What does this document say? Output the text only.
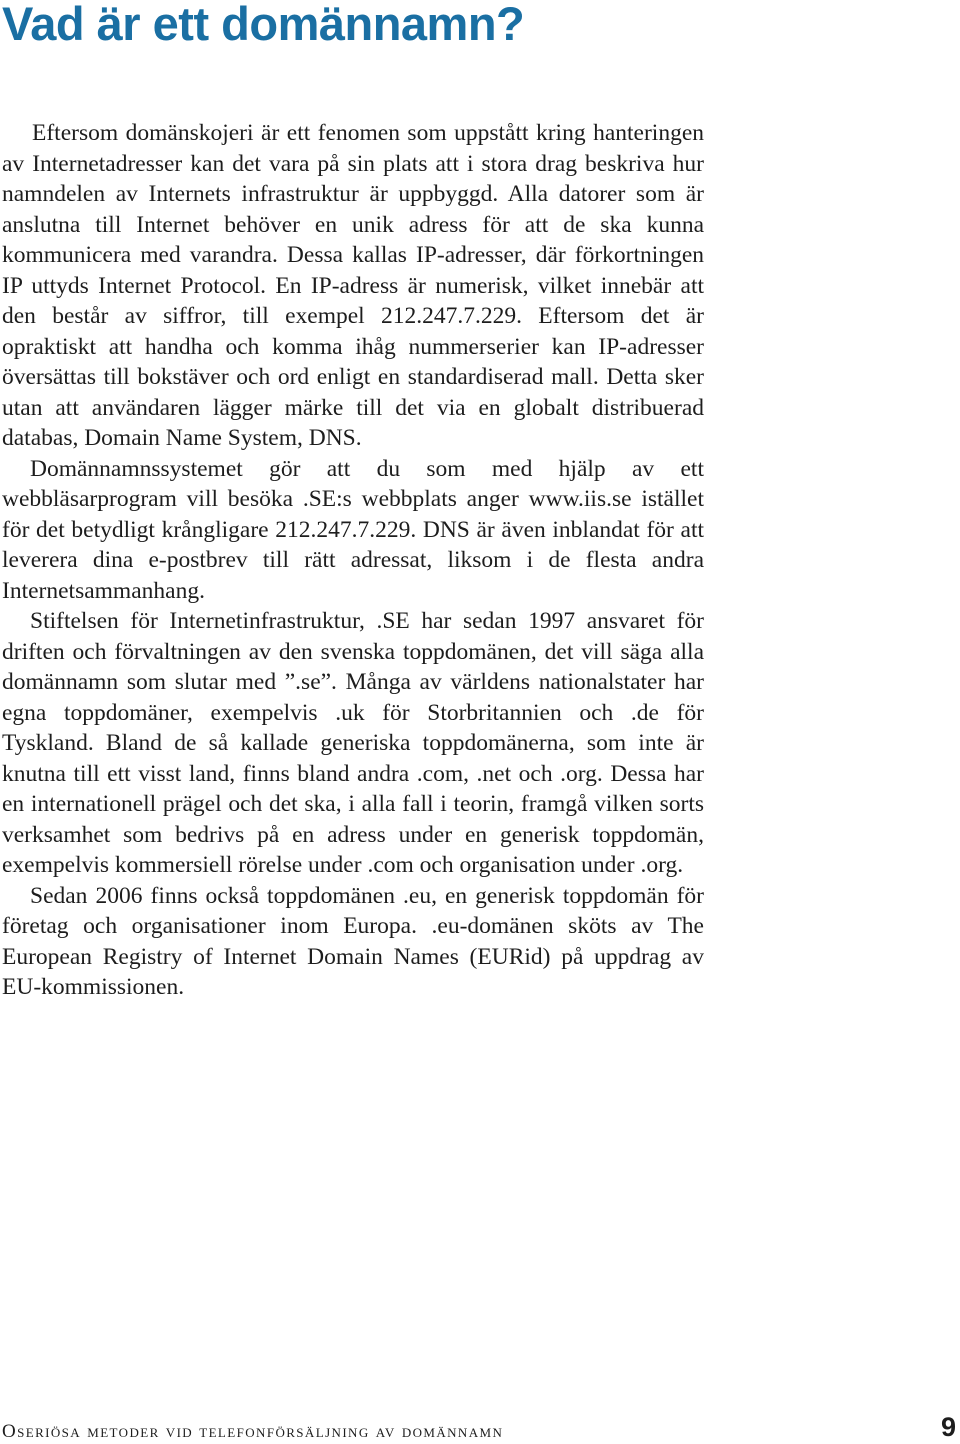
Vad är ett domännamn?

Eftersom domänskojeri är ett fenomen som uppstått kring hanteringen av Internetadresser kan det vara på sin plats att i stora drag beskriva hur namndelen av Internets infrastruktur är uppbyggd. Alla datorer som är anslutna till Internet behöver en unik adress för att de ska kunna kommunicera med varandra. Dessa kallas IP-adresser, där förkortningen IP uttyds Internet Protocol. En IP-adress är numerisk, vilket innebär att den består av siffror, till exempel 212.247.7.229. Eftersom det är opraktiskt att handha och komma ihåg nummerserier kan IP-adresser översättas till bokstäver och ord enligt en standardiserad mall. Detta sker utan att användaren lägger märke till det via en globalt distribuerad databas, Domain Name System, DNS.

Domännamnssystemet gör att du som med hjälp av ett webbläsarprogram vill besöka .SE:s webbplats anger www.iis.se istället för det betydligt krångligare 212.247.7.229. DNS är även inblandat för att leverera dina e-postbrev till rätt adressat, liksom i de flesta andra Internetsammanhang.

Stiftelsen för Internetinfrastruktur, .SE har sedan 1997 ansvaret för driften och förvaltningen av den svenska toppdomänen, det vill säga alla domännamn som slutar med ”.se”. Många av världens nationalstater har egna toppdomäner, exempelvis .uk för Storbritannien och .de för Tyskland. Bland de så kallade generiska toppdomänerna, som inte är knutna till ett visst land, finns bland andra .com, .net och .org. Dessa har en internationell prägel och det ska, i alla fall i teorin, framgå vilken sorts verksamhet som bedrivs på en adress under en generisk toppdomän, exempelvis kommersiell rörelse under .com och organisation under .org.

Sedan 2006 finns också toppdomänen .eu, en generisk toppdomän för företag och organisationer inom Europa. .eu-domänen sköts av The European Registry of Internet Domain Names (EURid) på uppdrag av EU-kommissionen.

Oseriösa metoder vid telefonförsäljning av domännamn	9
